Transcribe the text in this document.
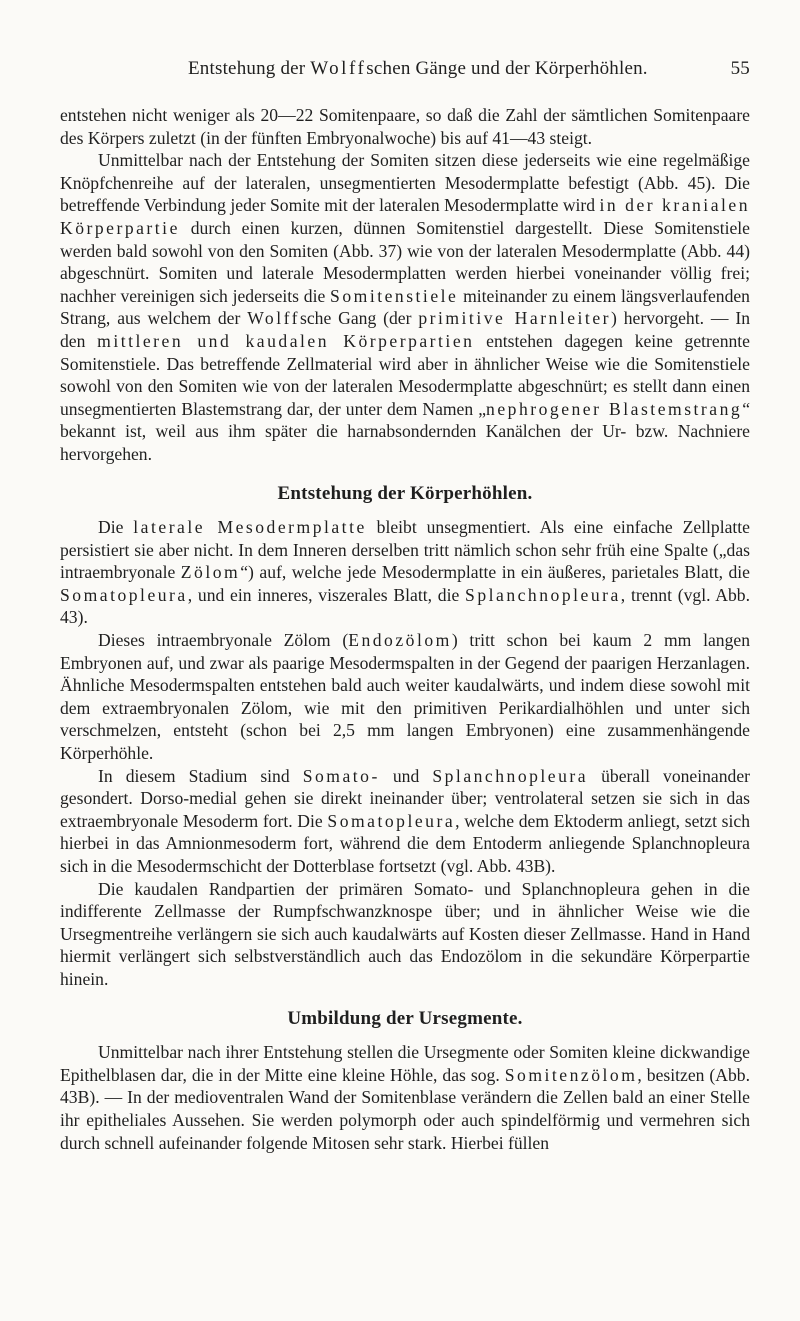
Entstehung der Wolffschen Gänge und der Körperhöhlen.	55

entstehen nicht weniger als 20—22 Somitenpaare, so daß die Zahl der sämtlichen Somitenpaare des Körpers zuletzt (in der fünften Embryonalwoche) bis auf 41—43 steigt.

Unmittelbar nach der Entstehung der Somiten sitzen diese jederseits wie eine regelmäßige Knöpfchenreihe auf der lateralen, unsegmentierten Mesodermplatte befestigt (Abb. 45). Die betreffende Verbindung jeder Somite mit der lateralen Mesodermplatte wird in der kranialen Körperpartie durch einen kurzen, dünnen Somitenstiel dargestellt. Diese Somitenstiele werden bald sowohl von den Somiten (Abb. 37) wie von der lateralen Mesodermplatte (Abb. 44) abgeschnürt. Somiten und laterale Mesodermplatten werden hierbei voneinander völlig frei; nachher vereinigen sich jederseits die Somitenstiele miteinander zu einem längsverlaufenden Strang, aus welchem der Wolffsche Gang (der primitive Harnleiter) hervorgeht. — In den mittleren und kaudalen Körperpartien entstehen dagegen keine getrennte Somitenstiele. Das betreffende Zellmaterial wird aber in ähnlicher Weise wie die Somitenstiele sowohl von den Somiten wie von der lateralen Mesodermplatte abgeschnürt; es stellt dann einen unsegmentierten Blastemstrang dar, der unter dem Namen „nephrogener Blastemstrang“ bekannt ist, weil aus ihm später die harnabsondernden Kanälchen der Ur- bzw. Nachniere hervorgehen.

Entstehung der Körperhöhlen.

Die laterale Mesodermplatte bleibt unsegmentiert. Als eine einfache Zellplatte persistiert sie aber nicht. In dem Inneren derselben tritt nämlich schon sehr früh eine Spalte („das intraembryonale Zölom“) auf, welche jede Mesodermplatte in ein äußeres, parietales Blatt, die Somatopleura, und ein inneres, viszerales Blatt, die Splanchnopleura, trennt (vgl. Abb. 43).

Dieses intraembryonale Zölom (Endozölom) tritt schon bei kaum 2 mm langen Embryonen auf, und zwar als paarige Mesodermspalten in der Gegend der paarigen Herzanlagen. Ähnliche Mesodermspalten entstehen bald auch weiter kaudalwärts, und indem diese sowohl mit dem extraembryonalen Zölom, wie mit den primitiven Perikardialhöhlen und unter sich verschmelzen, entsteht (schon bei 2,5 mm langen Embryonen) eine zusammenhängende Körperhöhle.

In diesem Stadium sind Somato- und Splanchnopleura überall voneinander gesondert. Dorso-medial gehen sie direkt ineinander über; ventrolateral setzen sie sich in das extraembryonale Mesoderm fort. Die Somatopleura, welche dem Ektoderm anliegt, setzt sich hierbei in das Amnionmesoderm fort, während die dem Entoderm anliegende Splanchnopleura sich in die Mesodermschicht der Dotterblase fortsetzt (vgl. Abb. 43B).

Die kaudalen Randpartien der primären Somato- und Splanchnopleura gehen in die indifferente Zellmasse der Rumpfschwanzknospe über; und in ähnlicher Weise wie die Ursegmentreihe verlängern sie sich auch kaudalwärts auf Kosten dieser Zellmasse. Hand in Hand hiermit verlängert sich selbstverständlich auch das Endozölom in die sekundäre Körperpartie hinein.

Umbildung der Ursegmente.

Unmittelbar nach ihrer Entstehung stellen die Ursegmente oder Somiten kleine dickwandige Epithelblasen dar, die in der Mitte eine kleine Höhle, das sog. Somitenzölom, besitzen (Abb. 43B). — In der medioventralen Wand der Somitenblase verändern die Zellen bald an einer Stelle ihr epitheliales Aussehen. Sie werden polymorph oder auch spindelförmig und vermehren sich durch schnell aufeinander folgende Mitosen sehr stark. Hierbei füllen
